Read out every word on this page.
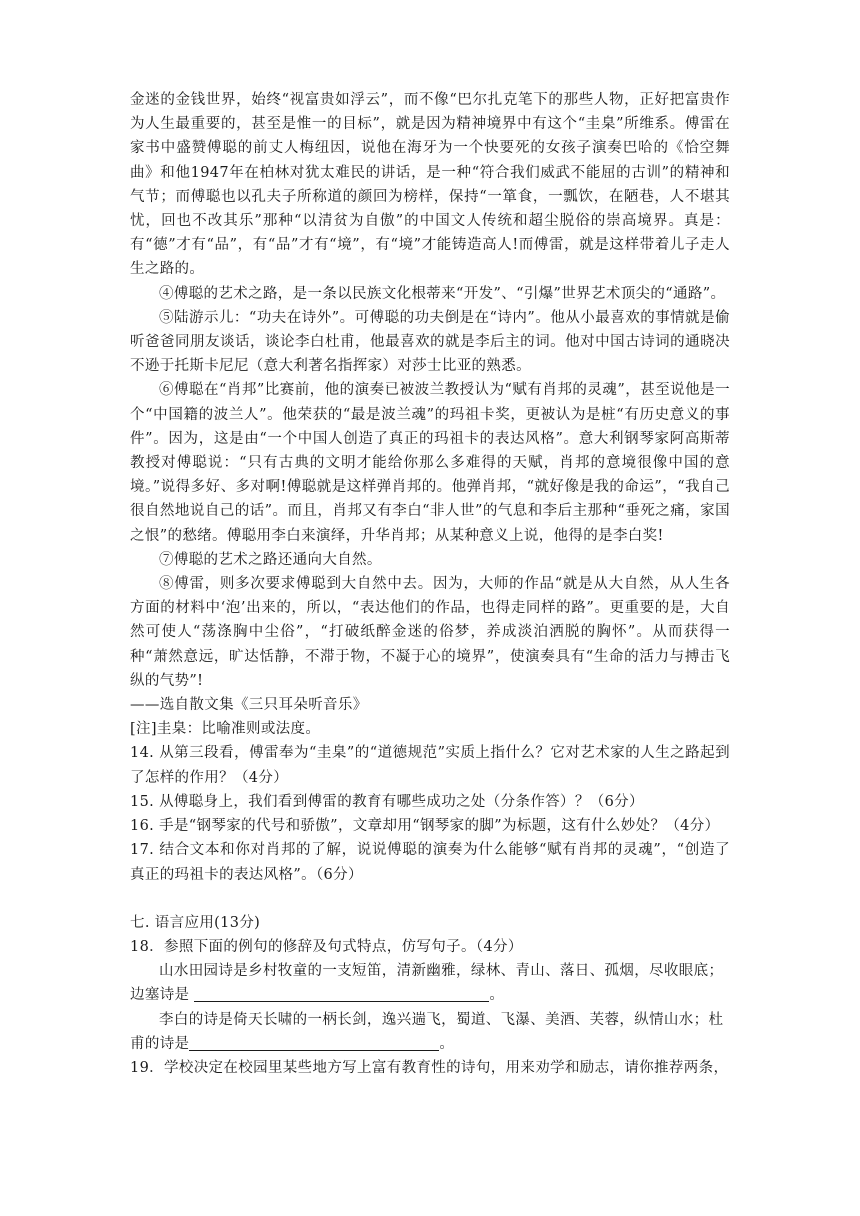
金迷的金钱世界，始终“视富贵如浮云”，而不像“巴尔扎克笔下的那些人物，正好把富贵作为人生最重要的，甚至是惟一的目标”，就是因为精神境界中有这个“圭臬”所维系。傅雷在家书中盛赞傅聪的前丈人梅纽因，说他在海牙为一个快要死的女孩子演奏巴哈的《恰空舞曲》和他1947年在柏林对犹太难民的讲话，是一种“符合我们威武不能屈的古训”的精神和气节；而傅聪也以孔夫子所称道的颜回为榜样，保持“一箪食，一瓢饮，在陋巷，人不堪其忧，回也不改其乐”那种“以清贫为自傲”的中国文人传统和超尘脱俗的崇高境界。真是：有“德”才有“品”，有“品”才有“境”，有“境”才能铸造高人!而傅雷，就是这样带着儿子走人生之路的。

④傅聪的艺术之路，是一条以民族文化根蒂来“开发”、“引爆”世界艺术顶尖的“通路”。

⑤陆游示儿：“功夫在诗外”。可傅聪的功夫倒是在“诗内”。他从小最喜欢的事情就是偷听爸爸同朋友谈话，谈论李白杜甫，他最喜欢的就是李后主的词。他对中国古诗词的通晓决不逊于托斯卡尼尼（意大利著名指挥家）对莎士比亚的熟悉。

⑥傅聪在“肖邦”比赛前，他的演奏已被波兰教授认为“赋有肖邦的灵魂”，甚至说他是一个“中国籍的波兰人”。他荣获的“最是波兰魂”的玛祖卡奖，更被认为是桩“有历史意义的事件”。因为，这是由“一个中国人创造了真正的玛祖卡的表达风格”。意大利钢琴家阿高斯蒂教授对傅聪说：“只有古典的文明才能给你那么多难得的天赋，肖邦的意境很像中国的意境。”说得多好、多对啊!傅聪就是这样弹肖邦的。他弹肖邦，“就好像是我的命运”，“我自己很自然地说自己的话”。而且，肖邦又有李白“非人世”的气息和李后主那种“垂死之痛，家国之恨”的愁绪。傅聪用李白来演绎，升华肖邦；从某种意义上说，他得的是李白奖!

⑦傅聪的艺术之路还通向大自然。

⑧傅雷，则多次要求傅聪到大自然中去。因为，大师的作品“就是从大自然，从人生各方面的材料中‘泡’出来的，所以，“表达他们的作品，也得走同样的路”。更重要的是，大自然可使人“荡涤胸中尘俗”，“打破纸醉金迷的俗梦，养成淡泊洒脱的胸怀”。从而获得一种“萧然意远，旷达恬静，不滞于物，不凝于心的境界”，使演奏具有“生命的活力与搏击飞纵的气势”!

——选自散文集《三只耳朵听音乐》

[注]圭臬：比喻准则或法度。

14. 从第三段看，傅雷奉为“圭臬”的“道德规范”实质上指什么？它对艺术家的人生之路起到了怎样的作用？（4分）

15. 从傅聪身上，我们看到傅雷的教育有哪些成功之处（分条作答）？（6分）

16. 手是“钢琴家的代号和骄傲”，文章却用“钢琴家的脚”为标题，这有什么妙处？（4分）

17. 结合文本和你对肖邦的了解，说说傅聪的演奏为什么能够“赋有肖邦的灵魂”，“创造了真正的玛祖卡的表达风格”。（6分）

七. 语言应用(13分)

18．参照下面的例句的修辞及句式特点，仿写句子。（4分）

山水田园诗是乡村牧童的一支短笛，清新幽雅，绿林、青山、落日、孤烟，尽收眼底；

边塞诗是	。

李白的诗是倚天长啸的一柄长剑，逸兴遄飞，蜀道、飞瀑、美酒、芙蓉，纵情山水；杜

甫的诗是	。

19．学校决定在校园里某些地方写上富有教育性的诗句，用来劝学和励志，请你推荐两条，
